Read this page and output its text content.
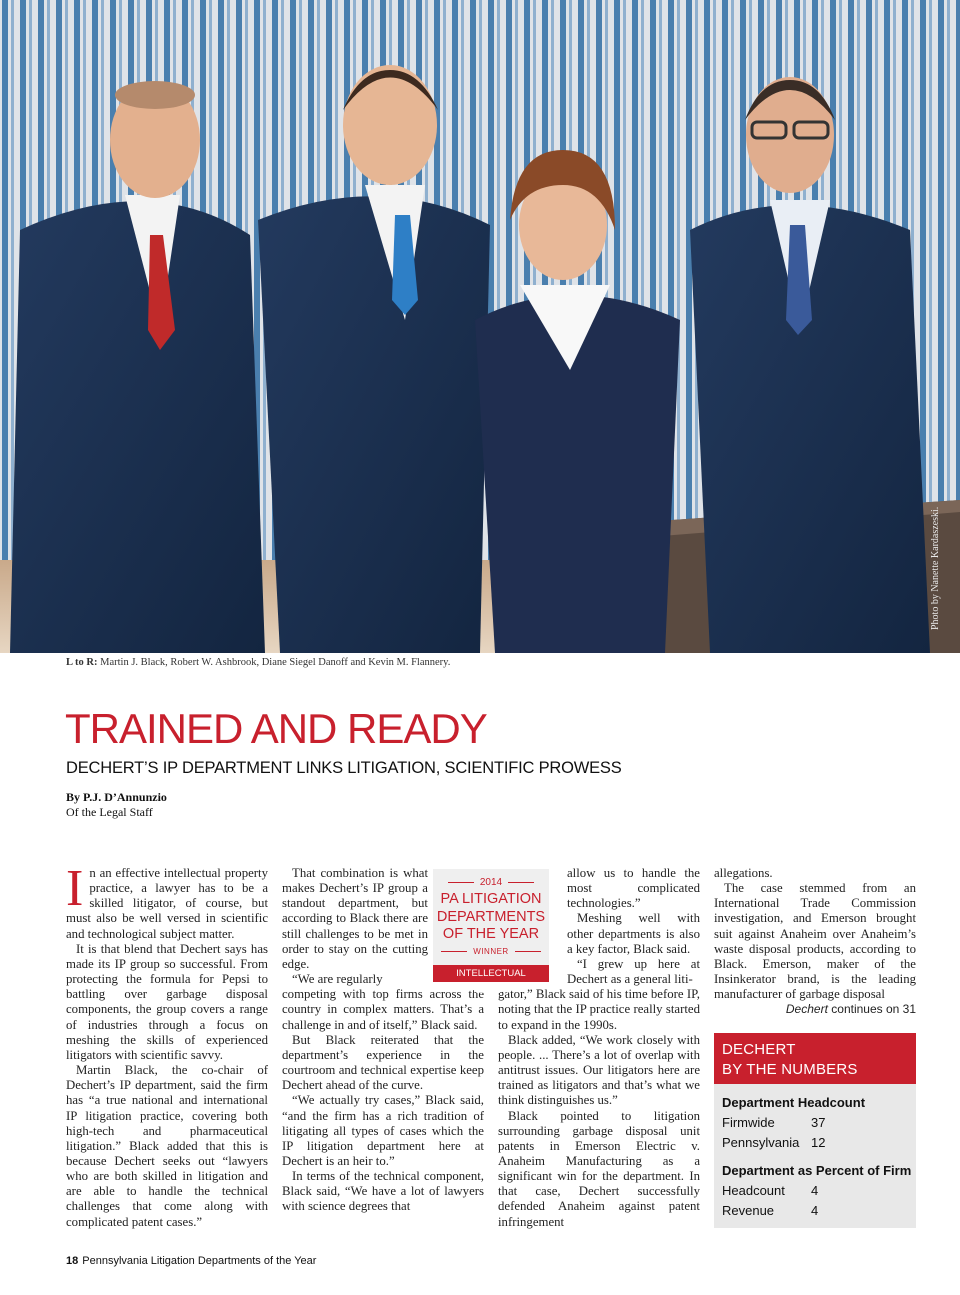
Photo by Nanette Kardaszeski.
L to R: Martin J. Black, Robert W. Ashbrook, Diane Siegel Danoff and Kevin M. Flannery.
TRAINED AND READY
DECHERT’S IP DEPARTMENT LINKS LITIGATION, SCIENTIFIC PROWESS
By P.J. D’Annunzio
Of the Legal Staff

In an effective intellectual property practice, a lawyer has to be a skilled litigator, of course, but must also be well versed in scientific and technological subject matter.

It is that blend that Dechert says has made its IP group so successful. From protecting the formula for Pepsi to battling over garbage disposal components, the group covers a range of industries through a focus on meshing the skills of experienced litigators with scientific savvy.

Martin Black, the co-chair of Dechert’s IP department, said the firm has “a true national and international IP litigation practice, covering both high-tech and pharmaceutical litigation.” Black added that this is because Dechert seeks out “lawyers who are both skilled in litigation and are able to handle the technical challenges that come along with complicated patent cases.”

That combination is what makes Dechert’s IP group a standout department, but according to Black there are still challenges to be met in order to stay on the cutting edge.

“We are regularly

competing with top firms across the country in complex matters. That’s a challenge in and of itself,” Black said.

But Black reiterated that the department’s experience in the courtroom and technical expertise keep Dechert ahead of the curve.

“We actually try cases,” Black said, “and the firm has a rich tradition of litigating all types of cases which the IP litigation department here at Dechert is an heir to.”

In terms of the technical component, Black said, “We have a lot of lawyers with science degrees that

allow us to handle the most complicated technologies.”

Meshing well with other departments is also a key factor, Black said.

“I grew up here at Dechert as a general liti-

gator,” Black said of his time before IP, noting that the IP practice really started to expand in the 1990s.

Black added, “We work closely with people. ... There’s a lot of overlap with antitrust issues. Our litigators here are trained as litigators and that’s what we think distinguishes us.”

Black pointed to litigation surrounding garbage disposal unit patents in Emerson Electric v. Anaheim Manufacturing as a significant win for the department. In that case, Dechert successfully defended Anaheim against patent infringement

allegations.

The case stemmed from an International Trade Commission investigation, and Emerson brought suit against Anaheim over Anaheim’s waste disposal products, according to Black. Emerson, maker of the Insinkerator brand, is the leading manufacturer of garbage disposal

2014
PA LITIGATION
DEPARTMENTS
OF THE YEAR
WINNER
INTELLECTUAL PROPERTY
Dechert continues on 31
DECHERT
BY THE NUMBERS
Department Headcount
Firmwide	37
Pennsylvania 12
Department as Percent of Firm
Headcount 4
Revenue	4
18 Pennsylvania Litigation Departments of the Year
